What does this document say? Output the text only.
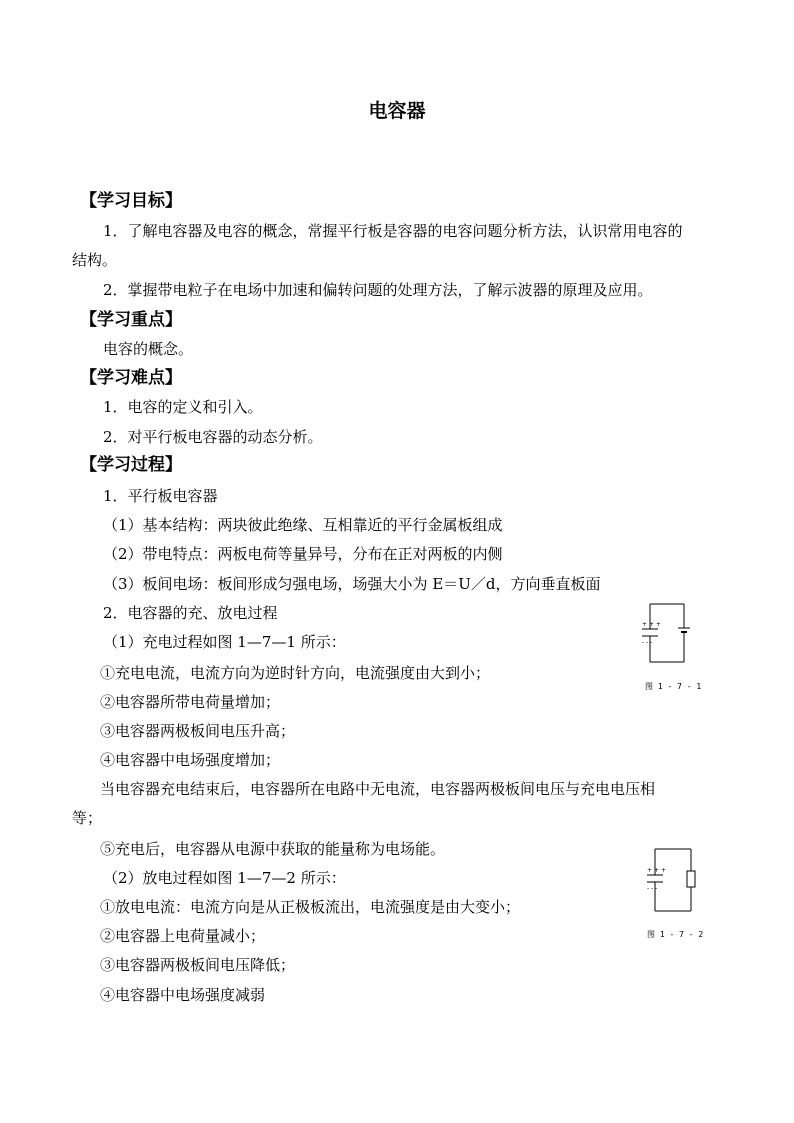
电容器
【学习目标】
1．了解电容器及电容的概念，常握平行板是容器的电容问题分析方法，认识常用电容的
结构。
2．掌握带电粒子在电场中加速和偏转问题的处理方法，了解示波器的原理及应用。
【学习重点】
电容的概念。
【学习难点】
1．电容的定义和引入。
2．对平行板电容器的动态分析。
【学习过程】
1．平行板电容器
（1）基本结构：两块彼此绝缘、互相靠近的平行金属板组成
（2）带电特点：两板电荷等量异号，分布在正对两板的内侧
（3）板间电场：板间形成匀强电场，场强大小为 E＝U／d，方向垂直板面
2．电容器的充、放电过程
（1）充电过程如图 1—7—1 所示：
①充电电流，电流方向为逆时针方向，电流强度由大到小；
②电容器所带电荷量增加；
③电容器两极板间电压升高；
④电容器中电场强度增加；
当电容器充电结束后，电容器所在电路中无电流，电容器两极板间电压与充电电压相
等；
⑤充电后，电容器从电源中获取的能量称为电场能。
（2）放电过程如图 1—7—2 所示：
①放电电流：电流方向是从正极板流出，电流强度是由大变小；
②电容器上电荷量减小；
③电容器两极板间电压降低；
④电容器中电场强度减弱
+ + +
- - -
图 1 - 7 - 1
+ + +
- - -
图 1 - 7 - 2
